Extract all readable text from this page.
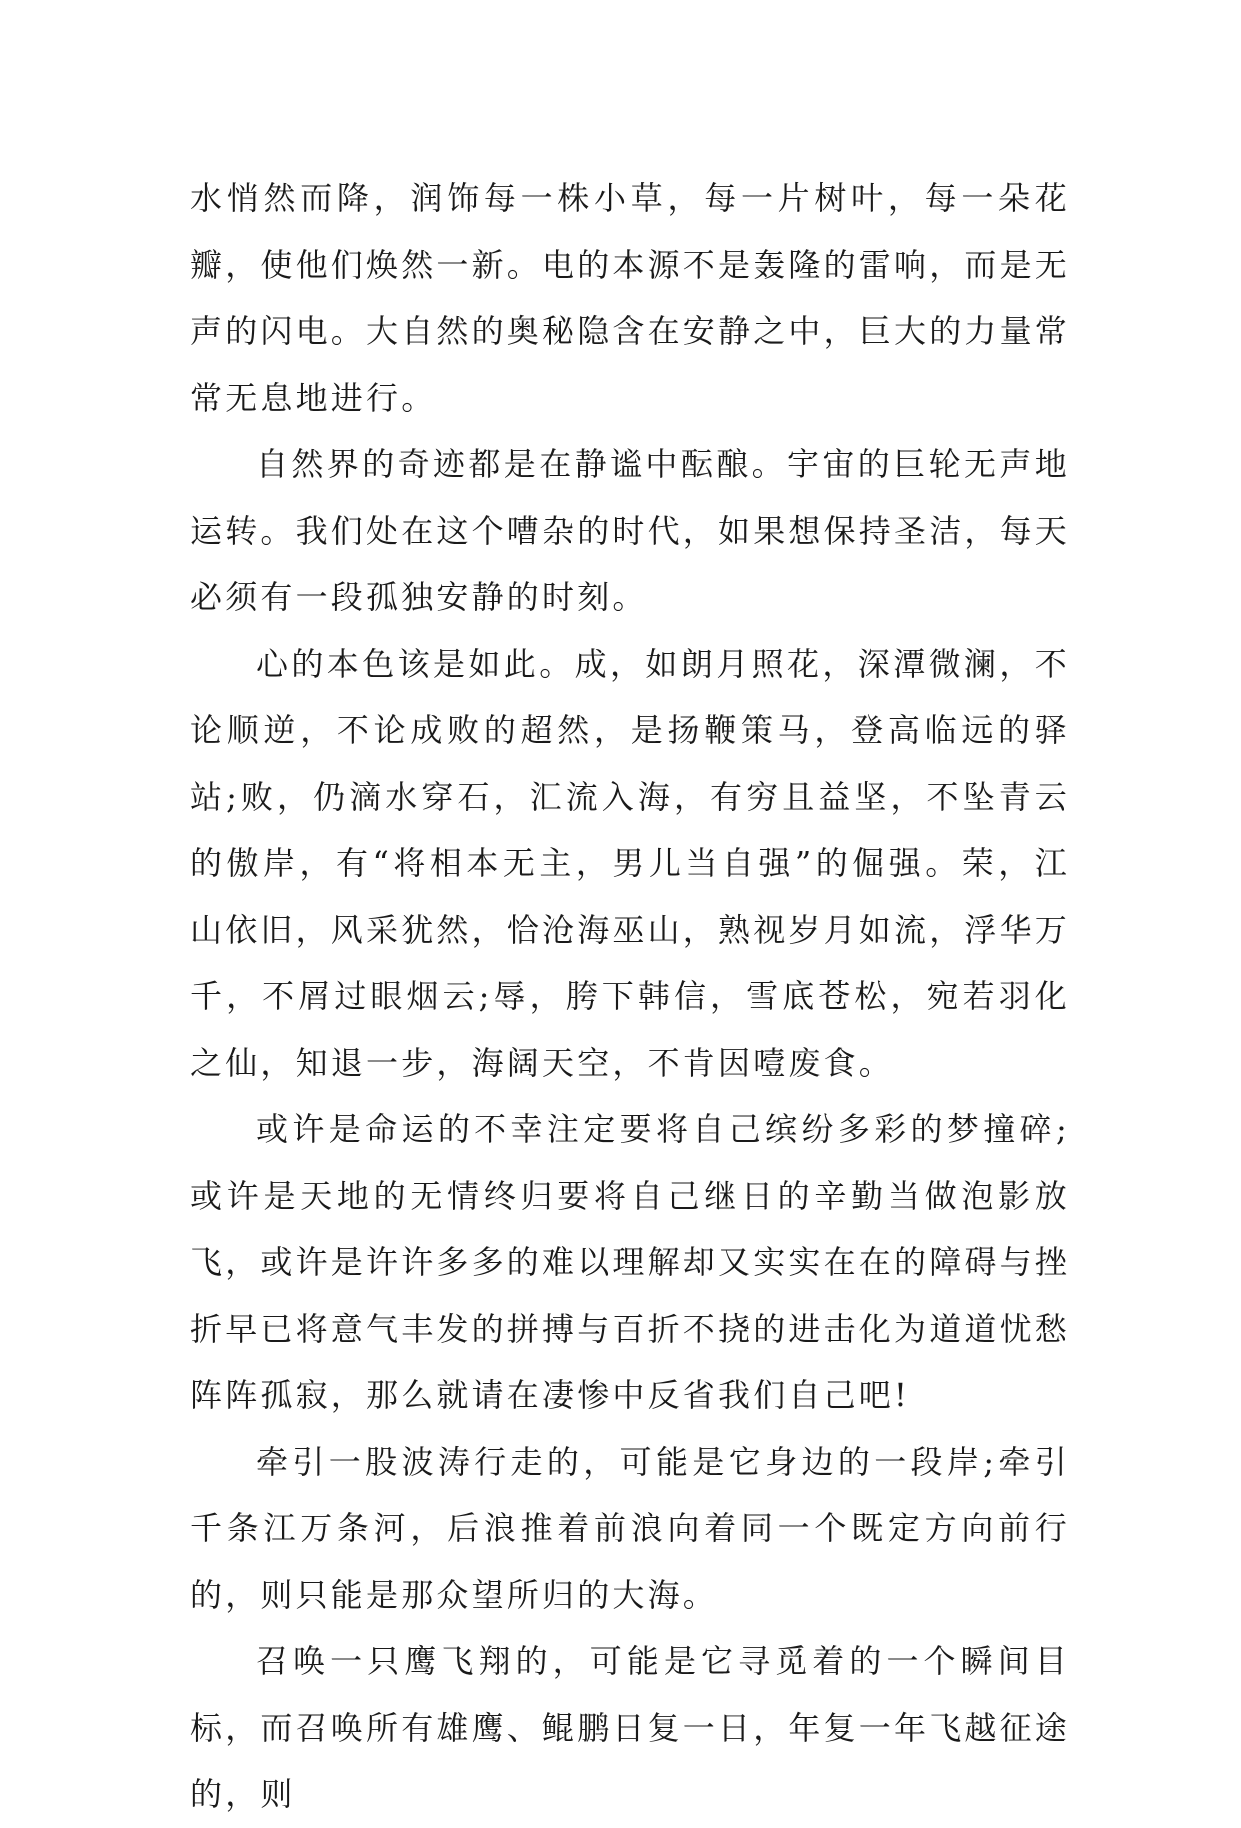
水悄然而降，润饰每一株小草，每一片树叶，每一朵花瓣，使他们焕然一新。电的本源不是轰隆的雷响，而是无声的闪电。大自然的奥秘隐含在安静之中，巨大的力量常常无息地进行。

自然界的奇迹都是在静谧中酝酿。宇宙的巨轮无声地运转。我们处在这个嘈杂的时代，如果想保持圣洁，每天必须有一段孤独安静的时刻。

心的本色该是如此。成，如朗月照花，深潭微澜，不论顺逆，不论成败的超然，是扬鞭策马，登高临远的驿站;败，仍滴水穿石，汇流入海，有穷且益坚，不坠青云的傲岸，有“将相本无主，男儿当自强”的倔强。荣，江山依旧，风采犹然，恰沧海巫山，熟视岁月如流，浮华万千，不屑过眼烟云;辱，胯下韩信，雪底苍松，宛若羽化之仙，知退一步，海阔天空，不肯因噎废食。

或许是命运的不幸注定要将自己缤纷多彩的梦撞碎;或许是天地的无情终归要将自己继日的辛勤当做泡影放飞，或许是许许多多的难以理解却又实实在在的障碍与挫折早已将意气丰发的拼搏与百折不挠的进击化为道道忧愁阵阵孤寂，那么就请在凄惨中反省我们自己吧!

牵引一股波涛行走的，可能是它身边的一段岸;牵引千条江万条河，后浪推着前浪向着同一个既定方向前行的，则只能是那众望所归的大海。

召唤一只鹰飞翔的，可能是它寻觅着的一个瞬间目标，而召唤所有雄鹰、鲲鹏日复一日，年复一年飞越征途的，则
